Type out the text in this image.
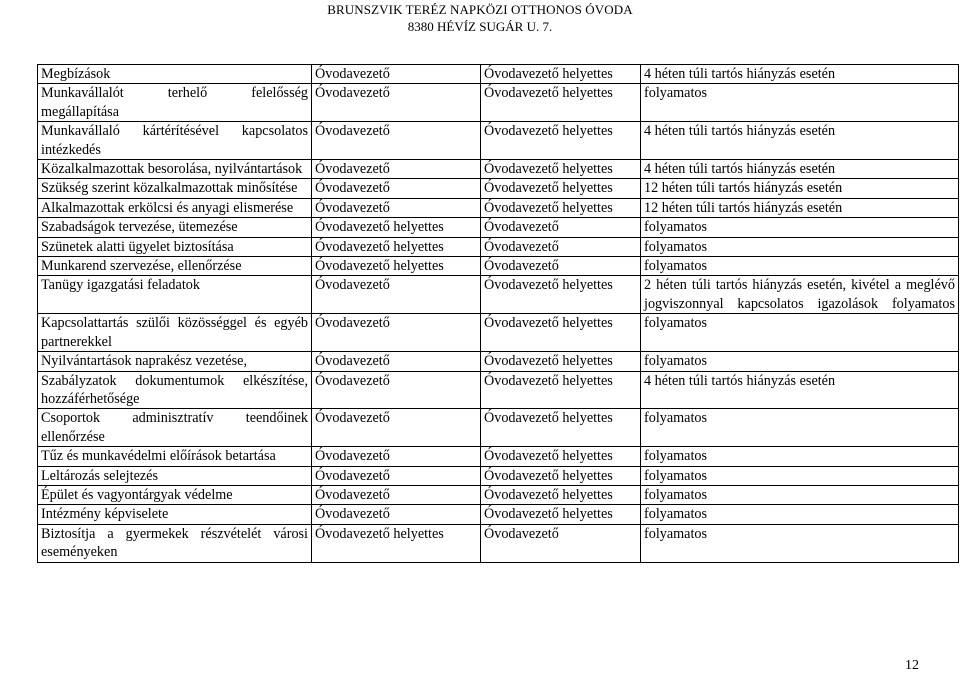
BRUNSZVIK TERÉZ NAPKÖZI OTTHONOS ÓVODA
8380 HÉVÍZ SUGÁR U. 7.
Megbízások	Óvodavezető	Óvodavezető helyettes	4 héten túli tartós hiányzás esetén
Munkavállalót terhelő felelősség megállapítása	Óvodavezető	Óvodavezető helyettes	folyamatos
Munkavállaló kártérítésével kapcsolatos intézkedés	Óvodavezető	Óvodavezető helyettes	4 héten túli tartós hiányzás esetén
Közalkalmazottak besorolása, nyilvántartások	Óvodavezető	Óvodavezető helyettes	4 héten túli tartós hiányzás esetén
Szükség szerint közalkalmazottak minősítése	Óvodavezető	Óvodavezető helyettes	12 héten túli tartós hiányzás esetén
Alkalmazottak erkölcsi és anyagi elismerése	Óvodavezető	Óvodavezető helyettes	12 héten túli tartós hiányzás esetén
Szabadságok tervezése, ütemezése	Óvodavezető helyettes	Óvodavezető	folyamatos
Szünetek alatti ügyelet biztosítása	Óvodavezető helyettes	Óvodavezető	folyamatos
Munkarend szervezése, ellenőrzése	Óvodavezető helyettes	Óvodavezető	folyamatos
Tanügy igazgatási feladatok	Óvodavezető	Óvodavezető helyettes	2 héten túli tartós hiányzás esetén, kivétel a meglévő jogviszonnyal kapcsolatos igazolások folyamatos
Kapcsolattartás szülői közösséggel és egyéb partnerekkel	Óvodavezető	Óvodavezető helyettes	folyamatos
Nyilvántartások naprakész vezetése,	Óvodavezető	Óvodavezető helyettes	folyamatos
Szabályzatok dokumentumok elkészítése, hozzáférhetősége	Óvodavezető	Óvodavezető helyettes	4 héten túli tartós hiányzás esetén
Csoportok adminisztratív teendőinek ellenőrzése	Óvodavezető	Óvodavezető helyettes	folyamatos
Tűz és munkavédelmi előírások betartása	Óvodavezető	Óvodavezető helyettes	folyamatos
Leltározás selejtezés	Óvodavezető	Óvodavezető helyettes	folyamatos
Épület és vagyontárgyak védelme	Óvodavezető	Óvodavezető helyettes	folyamatos
Intézmény képviselete	Óvodavezető	Óvodavezető helyettes	folyamatos
Biztosítja a gyermekek részvételét városi eseményeken	Óvodavezető helyettes	Óvodavezető	folyamatos
12
